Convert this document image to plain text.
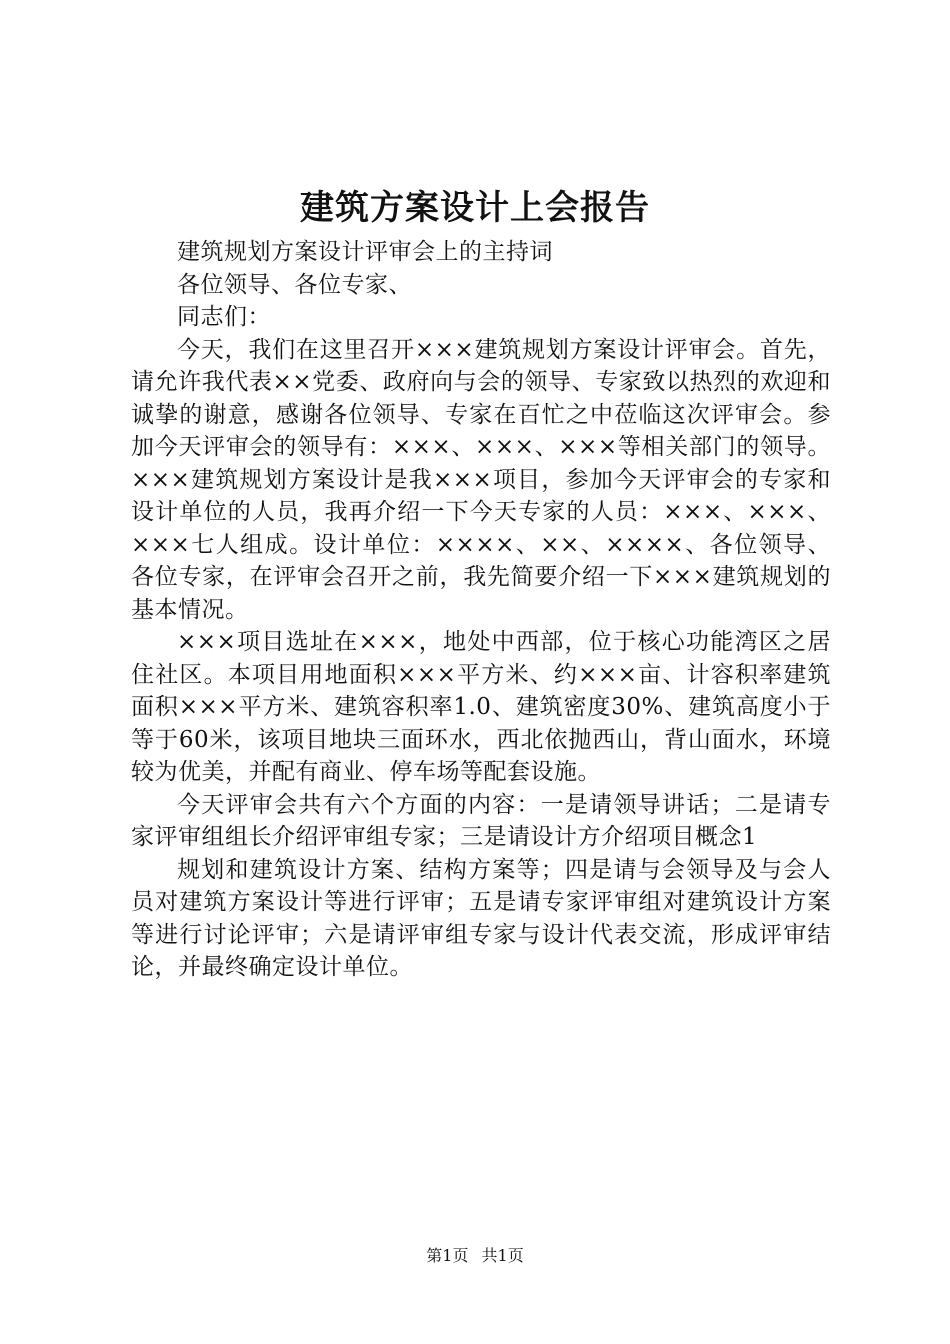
建筑方案设计上会报告

建筑规划方案设计评审会上的主持词

各位领导、各位专家、

同志们：

今天，我们在这里召开×××建筑规划方案设计评审会。首先，请允许我代表××党委、政府向与会的领导、专家致以热烈的欢迎和诚挚的谢意，感谢各位领导、专家在百忙之中莅临这次评审会。参加今天评审会的领导有：×××、×××、×××等相关部门的领导。×××建筑规划方案设计是我×××项目，参加今天评审会的专家和设计单位的人员，我再介绍一下今天专家的人员：×××、×××、×××七人组成。设计单位：××××、××、××××、各位领导、各位专家，在评审会召开之前，我先简要介绍一下×××建筑规划的基本情况。

×××项目选址在×××，地处中西部，位于核心功能湾区之居住社区。本项目用地面积×××平方米、约×××亩、计容积率建筑面积×××平方米、建筑容积率1.0、建筑密度30%、建筑高度小于等于60米，该项目地块三面环水，西北依抛西山，背山面水，环境较为优美，并配有商业、停车场等配套设施。

今天评审会共有六个方面的内容：一是请领导讲话；二是请专家评审组组长介绍评审组专家；三是请设计方介绍项目概念1

规划和建筑设计方案、结构方案等；四是请与会领导及与会人员对建筑方案设计等进行评审；五是请专家评审组对建筑设计方案等进行讨论评审；六是请评审组专家与设计代表交流，形成评审结论，并最终确定设计单位。

第1页 共1页
